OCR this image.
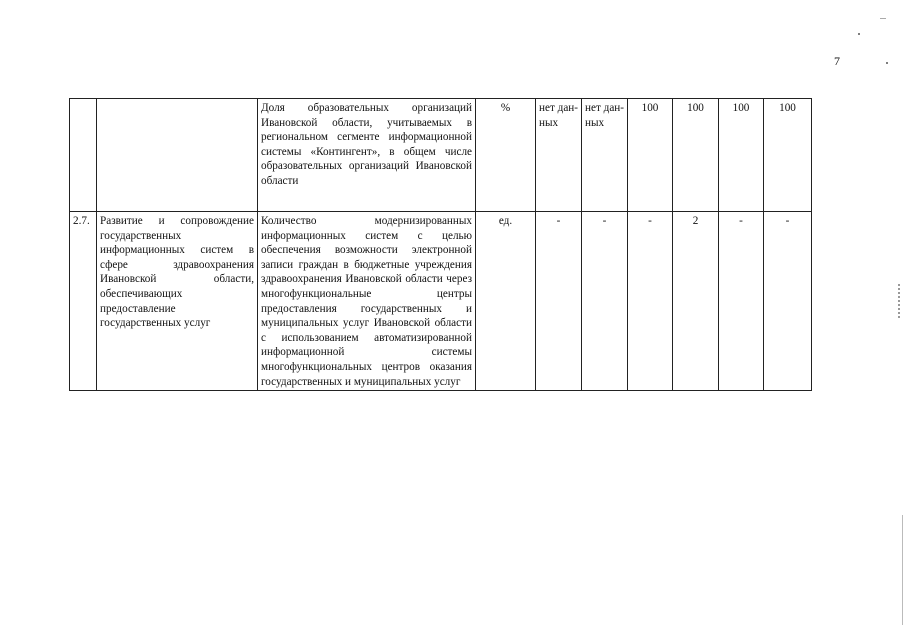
7
		Доля образовательных организаций Ивановской области, учитываемых в региональном сегменте информационной системы «Контингент», в общем числе образовательных организаций Ивановской области	%	нет дан-ных	нет дан-ных	100	100	100	100
2.7.	Развитие и сопровождение государственных информационных систем в сфере здравоохранения Ивановской области, обеспечивающих предоставление государственных услуг	Количество модернизированных информационных систем с целью обеспечения возможности электронной записи граждан в бюджетные учреждения здравоохранения Ивановской области через многофункциональные центры предоставления государственных и муниципальных услуг Ивановской области с использованием автоматизированной информационной системы многофункциональных центров оказания государственных и муниципальных услуг	ед.	-	-	-	2	-	-
